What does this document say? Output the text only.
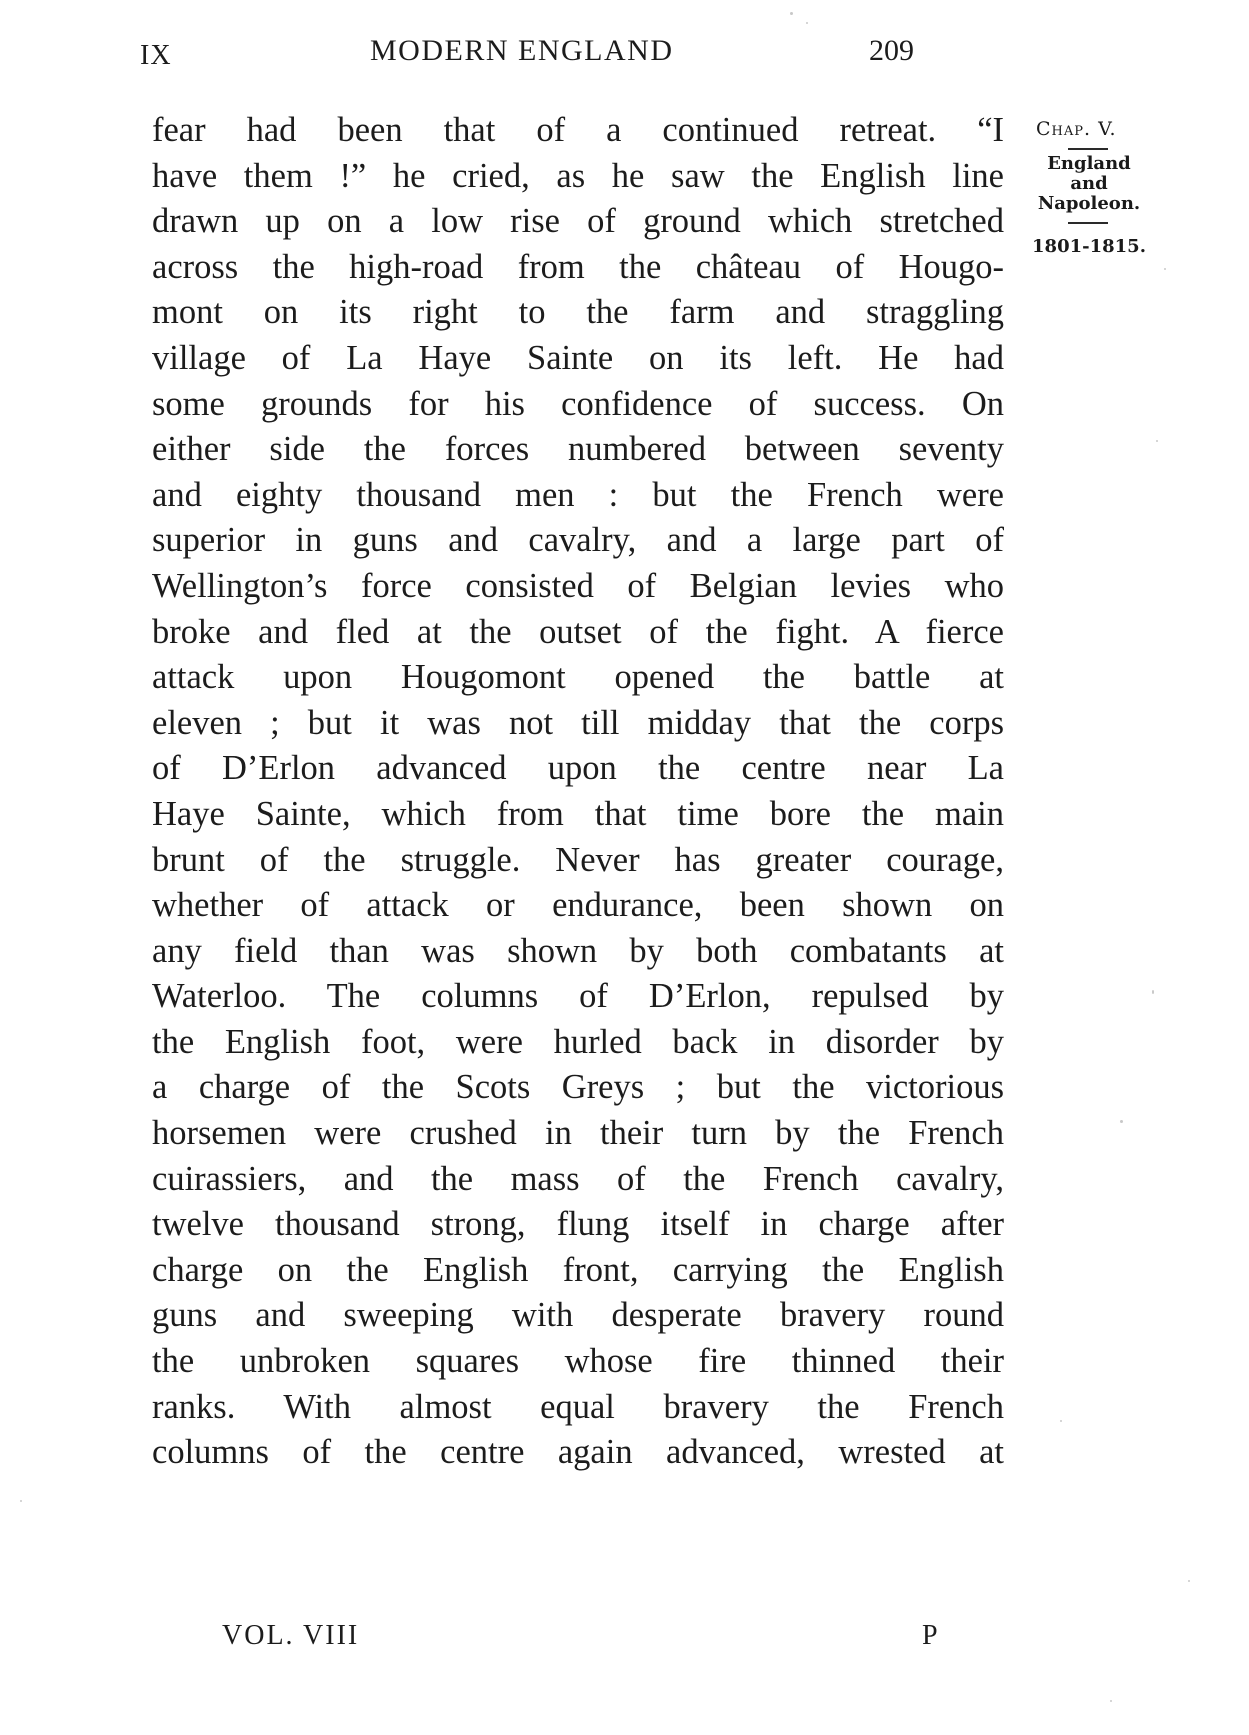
IX	MODERN ENGLAND	209
fear had been that of a continued retreat. “I
have them !” he cried, as he saw the English line
drawn up on a low rise of ground which stretched
across the high-road from the château of Hougo-
mont on its right to the farm and straggling
village of La Haye Sainte on its left. He had
some grounds for his confidence of success. On
either side the forces numbered between seventy
and eighty thousand men : but the French were
superior in guns and cavalry, and a large part of
Wellington’s force consisted of Belgian levies who
broke and fled at the outset of the fight. A fierce
attack upon Hougomont opened the battle at
eleven ; but it was not till midday that the corps
of D’Erlon advanced upon the centre near La
Haye Sainte, which from that time bore the main
brunt of the struggle. Never has greater courage,
whether of attack or endurance, been shown on
any field than was shown by both combatants at
Waterloo. The columns of D’Erlon, repulsed by
the English foot, were hurled back in disorder by
a charge of the Scots Greys ; but the victorious
horsemen were crushed in their turn by the French
cuirassiers, and the mass of the French cavalry,
twelve thousand strong, flung itself in charge after
charge on the English front, carrying the English
guns and sweeping with desperate bravery round
the unbroken squares whose fire thinned their
ranks. With almost equal bravery the French
columns of the centre again advanced, wrested at
Chap. V.
England
and
Napoleon.
1801-1815.
VOL. VIII	P
